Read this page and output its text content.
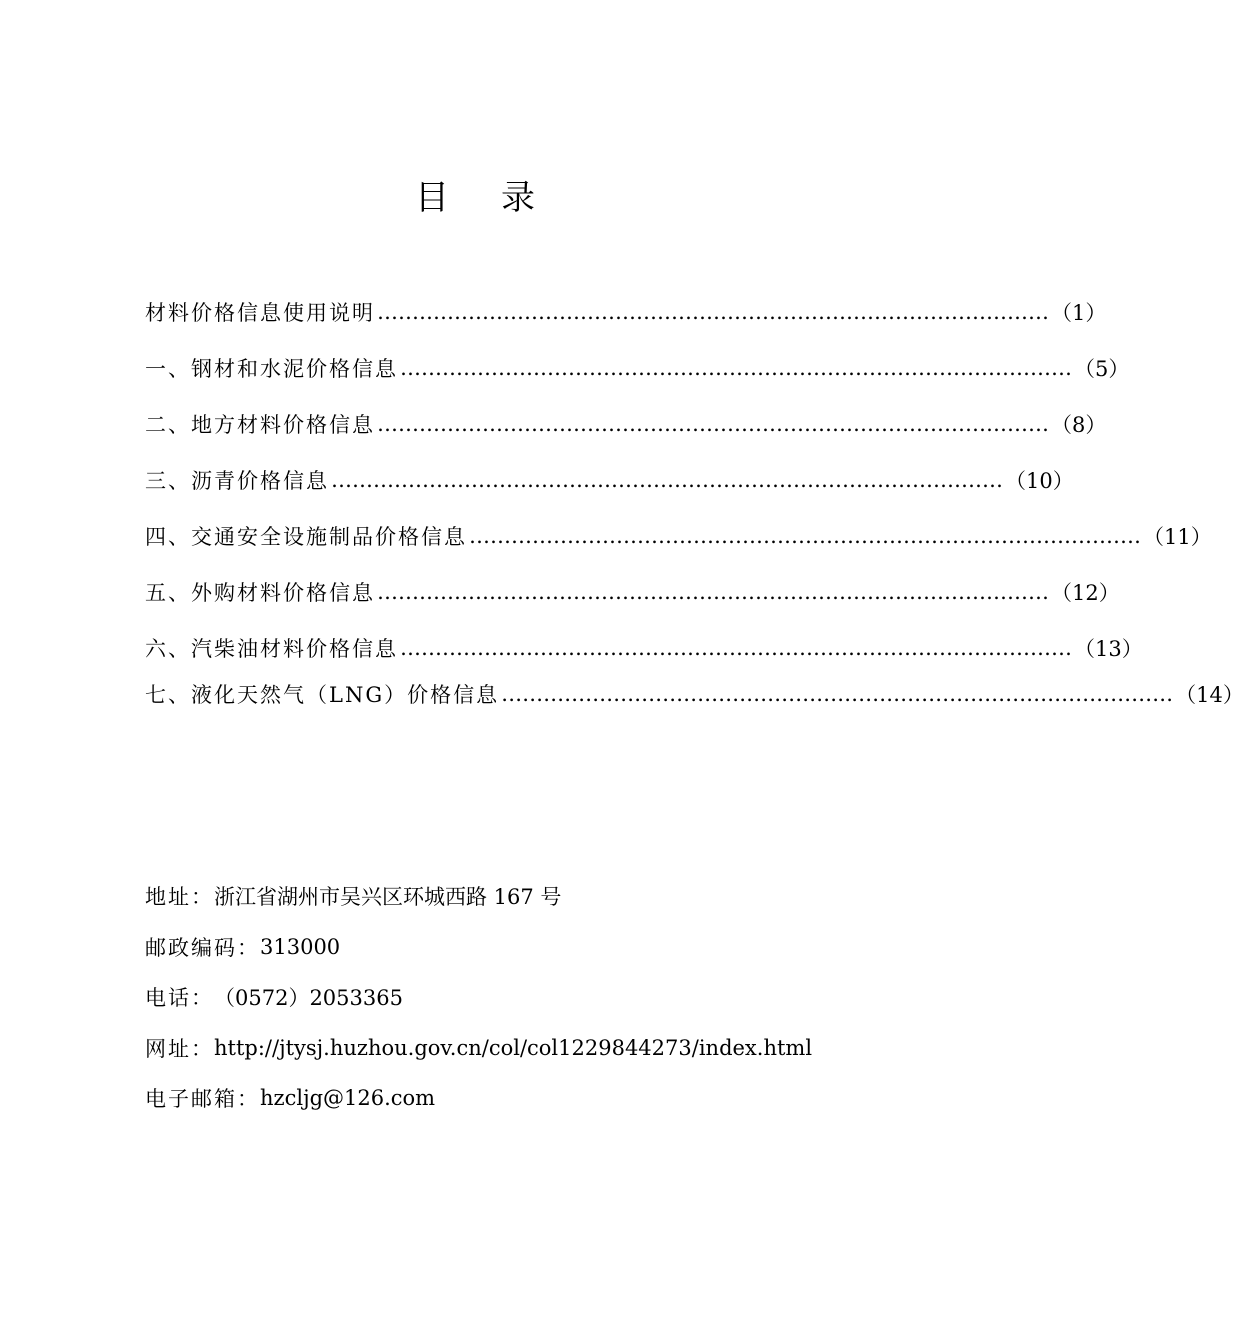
目 录
材料价格信息使用说明 …………………………………………………………………………………… （1）
一、钢材和水泥价格信息 …………………………………………………………………………………… （5）
二、地方材料价格信息 …………………………………………………………………………………… （8）
三、沥青价格信息 …………………………………………………………………………………… （10）
四、交通安全设施制品价格信息 …………………………………………………………………………………… （11）
五、外购材料价格信息 …………………………………………………………………………………… （12）
六、汽柴油材料价格信息 …………………………………………………………………………………… （13）
七、液化天然气（LNG）价格信息 …………………………………………………………………………………… （14）
地址： 浙江省湖州市吴兴区环城西路 167 号
邮政编码： 313000
电话： （0572）2053365
网址： http://jtysj.huzhou.gov.cn/col/col1229844273/index.html
电子邮箱： hzcljg@126.com
